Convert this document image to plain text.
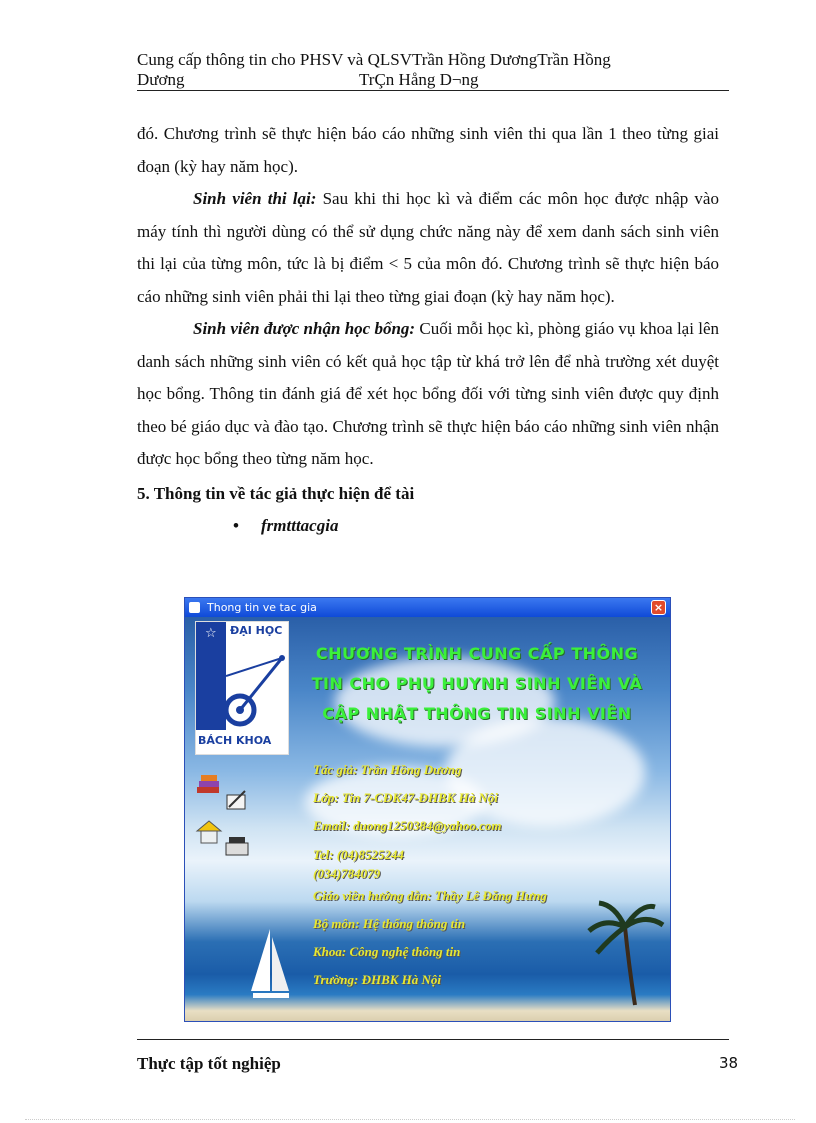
Cung cấp thông tin cho PHSV và QLSVTrần Hồng DươngTrần Hồng
Dương	TrÇn Hång D¬ng

đó. Chương trình sẽ thực hiện báo cáo những sinh viên thi qua lần 1 theo từng giai đoạn (kỳ hay năm học).

Sinh viên thi lại: Sau khi thi học kì và điểm các môn học được nhập vào máy tính thì người dùng có thể sử dụng chức năng này để xem danh sách sinh viên thi lại của từng môn, tức là bị điểm < 5 của môn đó. Chương trình sẽ thực hiện báo cáo những sinh viên phải thi lại theo từng giai đoạn (kỳ hay năm học).

Sinh viên được nhận học bổng: Cuối mỗi học kì, phòng giáo vụ khoa lại lên danh sách những sinh viên có kết quả học tập từ khá trở lên để nhà trường xét duyệt học bổng. Thông tin đánh giá để xét học bổng đối với từng sinh viên được quy định theo bé giáo dục và đào tạo. Chương trình sẽ thực hiện báo cáo những sinh viên nhận được học bổng theo từng năm học.

5. Thông tin về tác giả thực hiện để tài

• frmtttacgia

Thong tin ve tac gia	×
☆ ĐẠI HỌC
BÁCH KHOA
CHƯƠNG TRÌNH CUNG CẤP THÔNG
TIN CHO PHỤ HUYNH SINH VIÊN VÀ
CẬP NHẬT THÔNG TIN SINH VIÊN
Tác giả: Trần Hồng Dương
Lớp: Tin 7-CĐK47-ĐHBK Hà Nội
Email: duong1250384@yahoo.com
Tel: (04)8525244
(034)784079
Giáo viên hướng dẫn: Thầy Lê Đăng Hưng
Bộ môn: Hệ thống thông tin
Khoa: Công nghệ thông tin
Trường: ĐHBK Hà Nội
Thực tập tốt nghiệp	38
